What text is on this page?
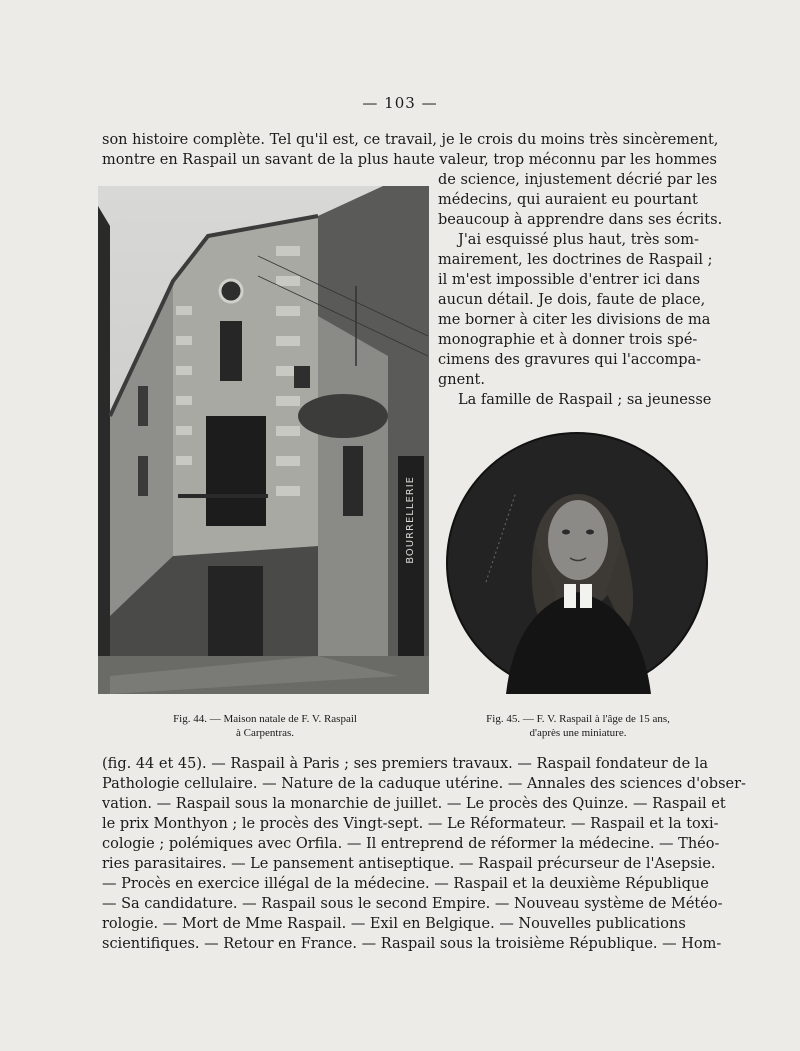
— 103 —
son histoire complète. Tel qu'il est, ce travail, je le crois du moins très sincèrement,
montre en Raspail un savant de la plus haute valeur, trop méconnu par les hommes
de science, injustement décrié par les
médecins, qui auraient eu pourtant
beaucoup à apprendre dans ses écrits.
J'ai esquissé plus haut, très som-
mairement, les doctrines de Raspail ;
il m'est impossible d'entrer ici dans
aucun détail. Je dois, faute de place,
me borner à citer les divisions de ma
monographie et à donner trois spé-
cimens des gravures qui l'accompa-
gnent.
La famille de Raspail ; sa jeunesse
BOURRELLERIE
Fig. 44. — Maison natale de F. V. Raspail
à Carpentras.
Fig. 45. — F. V. Raspail à l'âge de 15 ans,
d'après une miniature.
(fig. 44 et 45). — Raspail à Paris ; ses premiers travaux. — Raspail fondateur de la
Pathologie cellulaire. — Nature de la caduque utérine. — Annales des sciences d'obser-
vation. — Raspail sous la monarchie de juillet. — Le procès des Quinze. — Raspail et
le prix Monthyon ; le procès des Vingt-sept. — Le Réformateur. — Raspail et la toxi-
cologie ; polémiques avec Orfila. — Il entreprend de réformer la médecine. — Théo-
ries parasitaires. — Le pansement antiseptique. — Raspail précurseur de l'Asepsie.
— Procès en exercice illégal de la médecine. — Raspail et la deuxième République
— Sa candidature. — Raspail sous le second Empire. — Nouveau système de Météo-
rologie. — Mort de Mme Raspail. — Exil en Belgique. — Nouvelles publications
scientifiques. — Retour en France. — Raspail sous la troisième République. — Hom-
